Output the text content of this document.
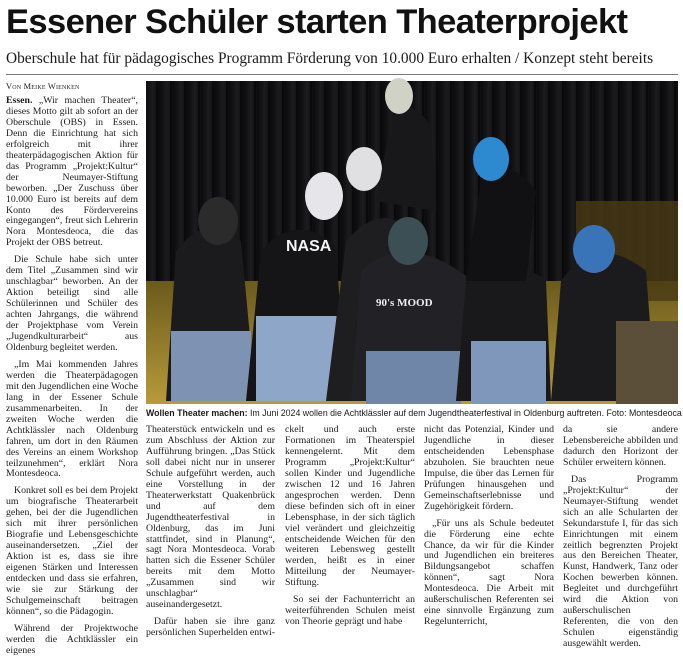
Essener Schüler starten Theaterprojekt

Oberschule hat für pädagogisches Programm Förderung von 10.000 Euro erhalten / Konzept steht bereits

Von Meike Wienken

Essen. „Wir machen Theater“, dieses Motto gilt ab sofort an der Oberschule (OBS) in Essen. Denn die Einrichtung hat sich erfolgreich mit ihrer theaterpädagogischen Aktion für das Programm „Projekt:Kultur“ der Neumayer-Stiftung beworben. „Der Zuschuss über 10.000 Euro ist bereits auf dem Konto des Fördervereins eingegangen“, freut sich Lehrerin Nora Montesdeoca, die das Projekt der OBS betreut.

Die Schule habe sich unter dem Titel „Zusammen sind wir unschlagbar“ beworben. An der Aktion beteiligt sind alle Schülerinnen und Schüler des achten Jahrgangs, die während der Projektphase vom Verein „Jugendkulturarbeit“ aus Oldenburg begleitet werden.

„Im Mai kommenden Jahres werden die Theaterpädagogen mit den Jugendlichen eine Woche lang in der Essener Schule zusammenarbeiten. In der zweiten Woche werden die Achtklässler nach Oldenburg fahren, um dort in den Räumen des Vereins an einem Workshop teilzunehmen“, erklärt Nora Montesdeoca.

Konkret soll es bei dem Projekt um biografische Theaterarbeit gehen, bei der die Jugendlichen sich mit ihrer persönlichen Biografie und Lebensgeschichte auseinandersetzen. „Ziel der Aktion ist es, dass sie ihre eigenen Stärken und Interessen entdecken und dass sie erfahren, wie sie zur Stärkung der Schulgemeinschaft beitragen können“, so die Pädagogin.

Während der Projektwoche werden die Achtklässler ein eigenes

NASA
90's MOOD
Wollen Theater machen: Im Juni 2024 wollen die Achtklässler auf dem Jugendtheaterfestival in Oldenburg auftreten. Foto: Montesdeoca

Theaterstück entwickeln und es zum Abschluss der Aktion zur Aufführung bringen. „Das Stück soll dabei nicht nur in unserer Schule aufgeführt werden, auch eine Vorstellung in der Theaterwerkstatt Quakenbrück und auf dem Jugendtheaterfestival in Oldenburg, das im Juni stattfindet, sind in Planung“, sagt Nora Montesdeoca. Vorab hatten sich die Essener Schüler bereits mit dem Motto „Zusammen sind wir unschlagbar“ auseinandergesetzt.

Dafür haben sie ihre ganz persönlichen Superhelden entwi-

ckelt und auch erste Formationen im Theaterspiel kennengelernt. Mit dem Programm „Projekt:Kultur“ sollen Kinder und Jugendliche zwischen 12 und 16 Jahren angesprochen werden. Denn diese befinden sich oft in einer Lebensphase, in der sich täglich viel verändert und gleichzeitig entscheidende Weichen für den weiteren Lebensweg gestellt werden, heißt es in einer Mitteilung der Neumayer-Stiftung.

So sei der Fachunterricht an weiterführenden Schulen meist von Theorie geprägt und habe

nicht das Potenzial, Kinder und Jugendliche in dieser entscheidenden Lebensphase abzuholen. Sie brauchten neue Impulse, die über das Lernen für Prüfungen hinausgehen und Gemeinschaftserlebnisse und Zugehörigkeit fördern.

„Für uns als Schule bedeutet die Förderung eine echte Chance, da wir für die Kinder und Jugendlichen ein breiteres Bildungsangebot schaffen können“, sagt Nora Montesdeoca. Die Arbeit mit außerschulischen Referenten sei eine sinnvolle Ergänzung zum Regelunterricht,

da sie andere Lebensbereiche abbilden und dadurch den Horizont der Schüler erweitern können.

Das Programm „Projekt:Kultur“ der Neumayer-Stiftung wendet sich an alle Schularten der Sekundarstufe I, für das sich Einrichtungen mit einem zeitlich begrenzten Projekt aus den Bereichen Theater, Kunst, Handwerk, Tanz oder Kochen bewerben können. Begleitet und durchgeführt wird die Aktion von außerschulischen Referenten, die von den Schulen eigenständig ausgewählt werden.
